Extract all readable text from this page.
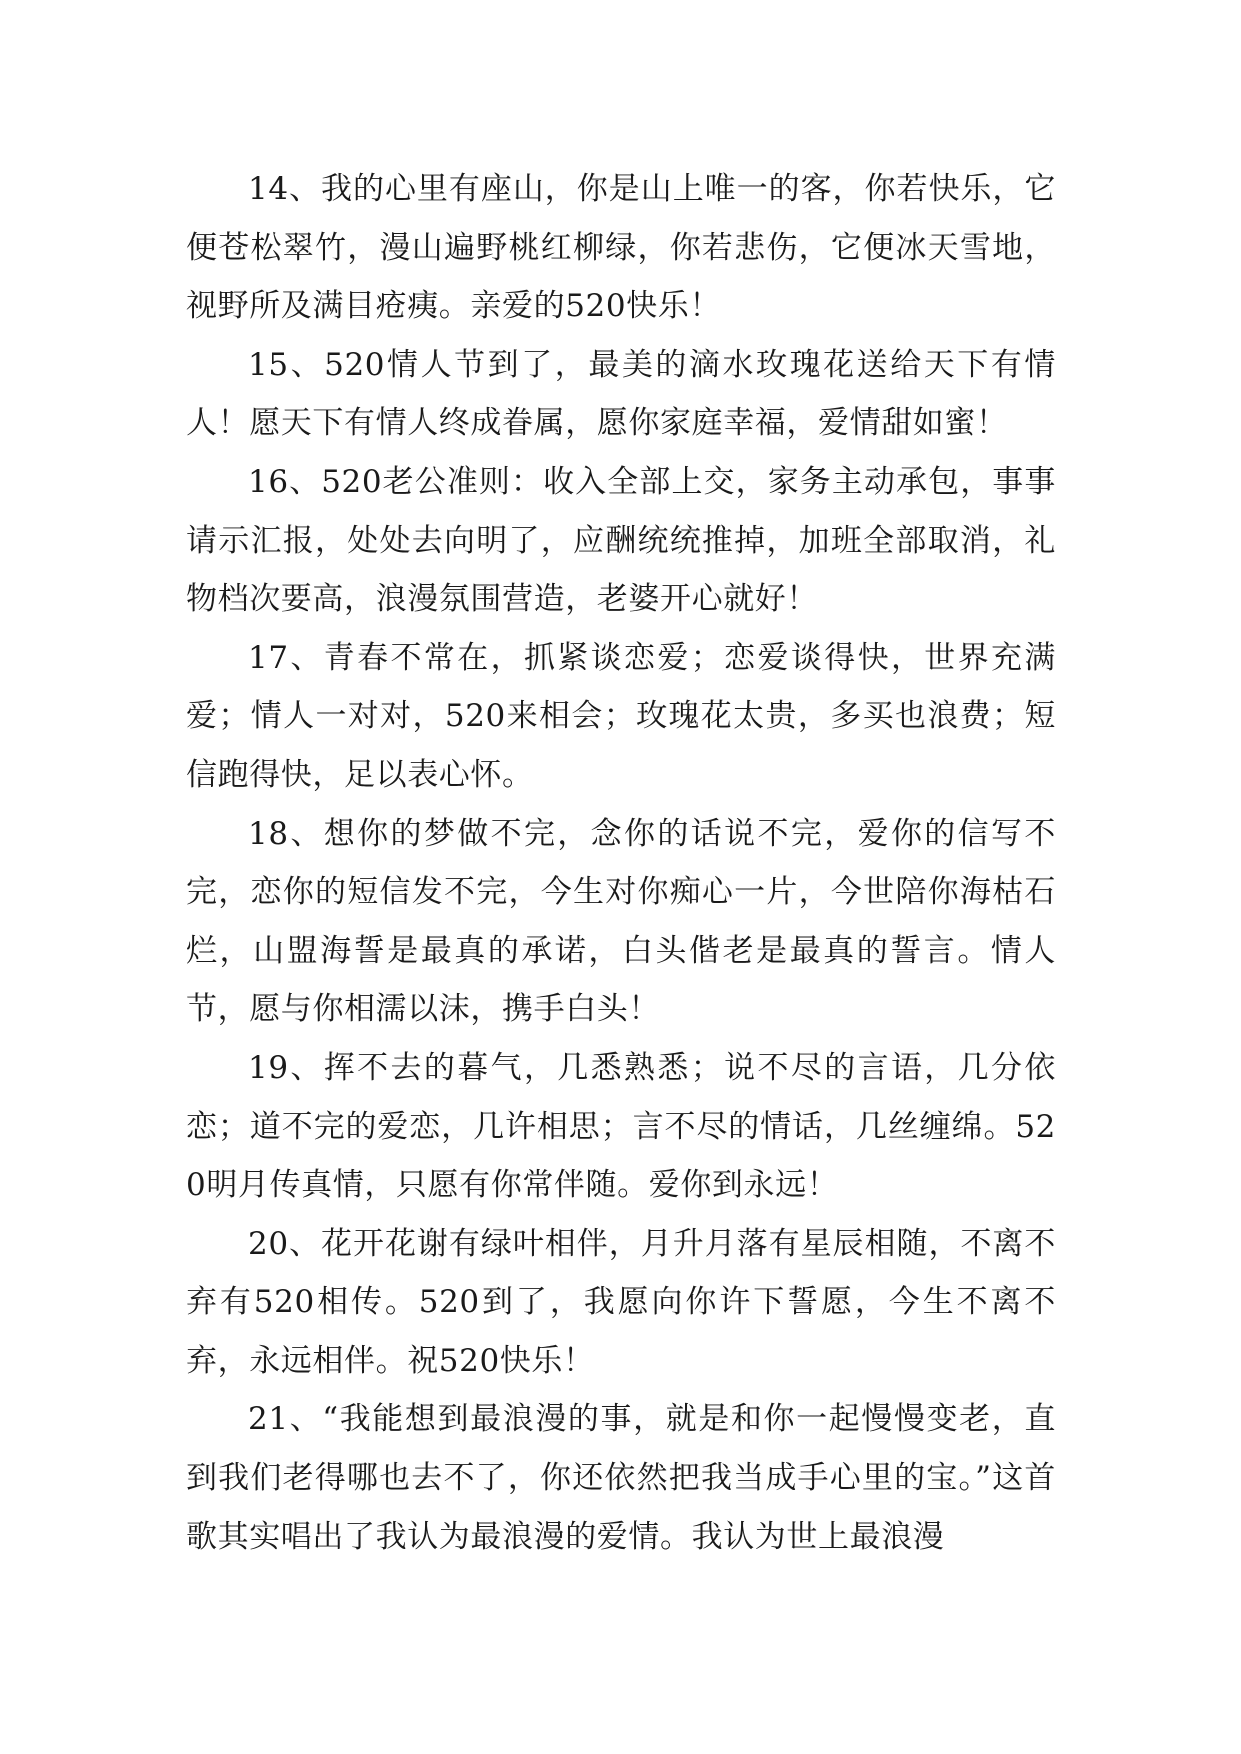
14、我的心里有座山，你是山上唯一的客，你若快乐，它便苍松翠竹，漫山遍野桃红柳绿，你若悲伤，它便冰天雪地，视野所及满目疮痍。亲爱的520快乐！

15、520情人节到了，最美的滴水玫瑰花送给天下有情人！愿天下有情人终成眷属，愿你家庭幸福，爱情甜如蜜！

16、520老公准则：收入全部上交，家务主动承包，事事请示汇报，处处去向明了，应酬统统推掉，加班全部取消，礼物档次要高，浪漫氛围营造，老婆开心就好！

17、青春不常在，抓紧谈恋爱；恋爱谈得快，世界充满爱；情人一对对，520来相会；玫瑰花太贵，多买也浪费；短信跑得快，足以表心怀。

18、想你的梦做不完，念你的话说不完，爱你的信写不完，恋你的短信发不完，今生对你痴心一片，今世陪你海枯石烂，山盟海誓是最真的承诺，白头偕老是最真的誓言。情人节，愿与你相濡以沫，携手白头！

19、挥不去的暮气，几悉熟悉；说不尽的言语，几分依恋；道不完的爱恋，几许相思；言不尽的情话，几丝缠绵。520明月传真情，只愿有你常伴随。爱你到永远！

20、花开花谢有绿叶相伴，月升月落有星辰相随，不离不弃有520相传。520到了，我愿向你许下誓愿，今生不离不弃，永远相伴。祝520快乐！

21、“我能想到最浪漫的事，就是和你一起慢慢变老，直到我们老得哪也去不了，你还依然把我当成手心里的宝。”这首歌其实唱出了我认为最浪漫的爱情。我认为世上最浪漫
